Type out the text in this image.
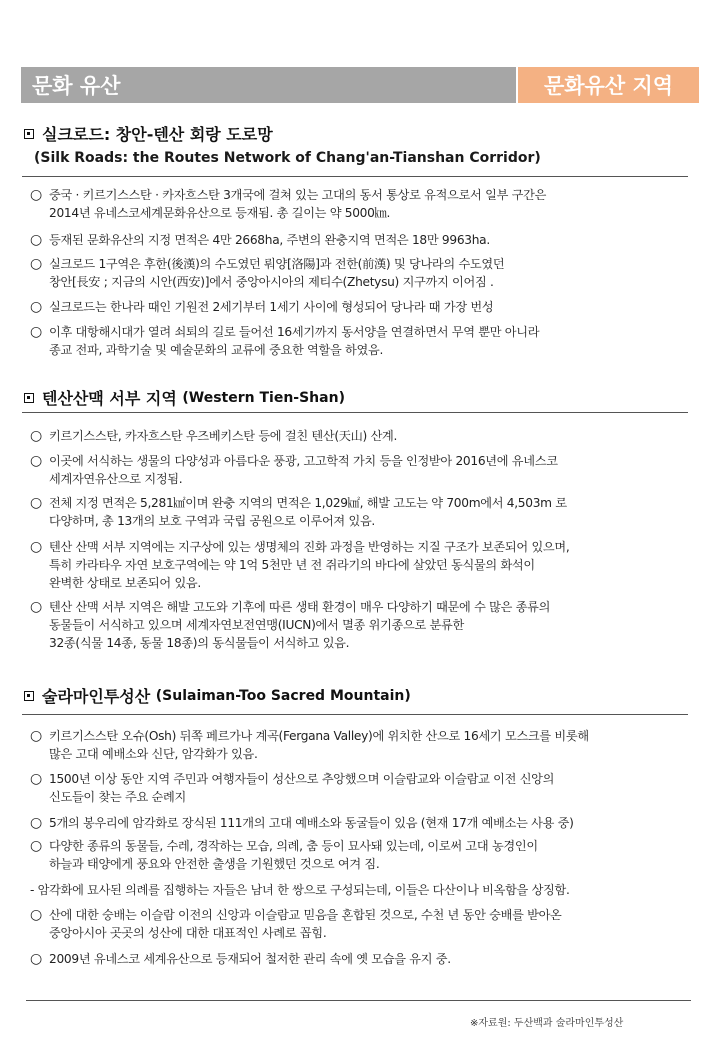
문화 유산	문화유산 지역
실크로드: 창안-텐산 회랑 도로망
(Silk Roads: the Routes Network of Chang'an-Tianshan Corridor)
○ 중국 · 키르기스스탄 · 카자흐스탄 3개국에 걸쳐 있는 고대의 동서 통상로 유적으로서 일부 구간은
2014년 유네스코세계문화유산으로 등재됨. 총 길이는 약 5000㎞.
○ 등재된 문화유산의 지정 면적은 4만 2668ha, 주변의 완충지역 면적은 18만 9963ha.
○ 실크로드 1구역은 후한(後漢)의 수도였던 뤄양[洛陽]과 전한(前漢) 및 당나라의 수도였던
창안[長安 ; 지금의 시안(西安)]에서 중앙아시아의 제티수(Zhetysu) 지구까지 이어짐 .
○ 실크로드는 한나라 때인 기원전 2세기부터 1세기 사이에 형성되어 당나라 때 가장 번성
○ 이후 대항해시대가 열려 쇠퇴의 길로 들어선 16세기까지 동서양을 연결하면서 무역 뿐만 아니라
종교 전파, 과학기술 및 예술문화의 교류에 중요한 역할을 하였음.
텐산산맥 서부 지역
(Western Tien-Shan)
○ 키르기스스탄, 카자흐스탄 우즈베키스탄 등에 걸친 텐산(天山) 산계.
○ 이곳에 서식하는 생물의 다양성과 아름다운 풍광, 고고학적 가치 등을 인정받아 2016년에 유네스코
세계자연유산으로 지정됨.
○ 전체 지정 면적은 5,281㎢이며 완충 지역의 면적은 1,029㎢, 해발 고도는 약 700m에서 4,503m 로
다양하며, 총 13개의 보호 구역과 국립 공원으로 이루어져 있음.
○ 텐산 산맥 서부 지역에는 지구상에 있는 생명체의 진화 과정을 반영하는 지질 구조가 보존되어 있으며,
특히 카라타우 자연 보호구역에는 약 1억 5천만 년 전 쥐라기의 바다에 살았던 동식물의 화석이
완벽한 상태로 보존되어 있음.
○ 텐산 산맥 서부 지역은 해발 고도와 기후에 따른 생태 환경이 매우 다양하기 때문에 수 많은 종류의
동물들이 서식하고 있으며 세계자연보전연맹(IUCN)에서 멸종 위기종으로 분류한
32종(식물 14종, 동물 18종)의 동식물들이 서식하고 있음.
술라마인투성산
(Sulaiman-Too Sacred Mountain)
○ 키르기스스탄 오슈(Osh) 뒤쪽 페르가나 계곡(Fergana Valley)에 위치한 산으로 16세기 모스크를 비롯해
많은 고대 예배소와 신단, 암각화가 있음.
○ 1500년 이상 동안 지역 주민과 여행자들이 성산으로 추앙했으며 이슬람교와 이슬람교 이전 신앙의
신도들이 찾는 주요 순례지
○ 5개의 봉우리에 암각화로 장식된 111개의 고대 예배소와 동굴들이 있음 (현재 17개 예배소는 사용 중)
○ 다양한 종류의 동물들, 수레, 경작하는 모습, 의례, 춤 등이 묘사돼 있는데, 이로써 고대 농경인이
하늘과 태양에게 풍요와 안전한 출생을 기원했던 것으로 여겨 짐.
- 암각화에 묘사된 의례를 집행하는 자들은 남녀 한 쌍으로 구성되는데, 이들은 다산이나 비옥함을 상징함.
○ 산에 대한 숭배는 이슬람 이전의 신앙과 이슬람교 믿음을 혼합된 것으로, 수천 년 동안 숭배를 받아온
중앙아시아 곳곳의 성산에 대한 대표적인 사례로 꼽힘.
○ 2009년 유네스코 세계유산으로 등재되어 철저한 관리 속에 옛 모습을 유지 중.
※자료원: 두산백과 술라마인투성산
